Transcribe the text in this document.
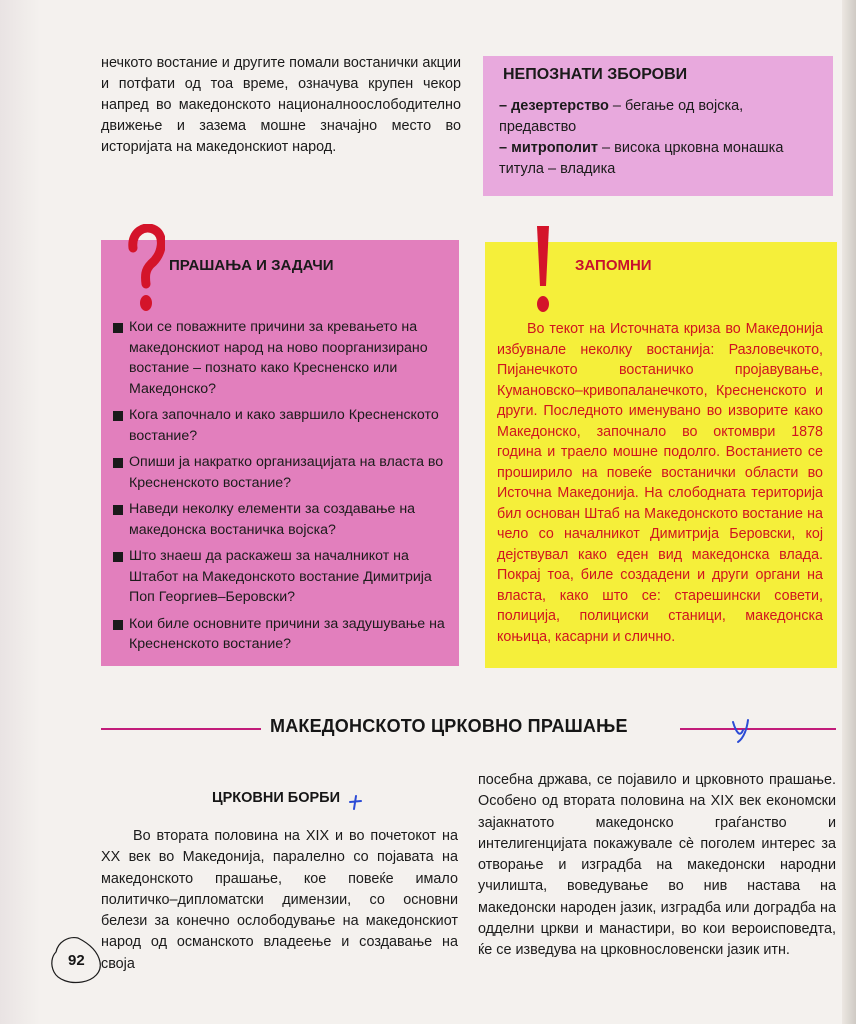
нечкото востание и другите помали востанички акции и потфати од тоа време, означува крупен чекор напред во македонското националноослободително движење и зазема мошне значајно место во историјата на македонскиот народ.

НЕПОЗНАТИ ЗБОРОВИ
– дезертерство – бегање од војска, предавство
– митрополит – висока црковна монашка титула – владика
ПРАШАЊА И ЗАДАЧИ
Кои се поважните причини за кревањето на македонскиот народ на ново поорганизирано востание – познато како Кресненско или Македонско?
Кога започнало и како завршило Кресненското востание?
Опиши ја накратко организацијата на власта во Кресненското востание?
Наведи неколку елементи за создавање на македонска востаничка војска?
Што знаеш да раскажеш за началникот на Штабот на Македонското востание Димитрија Поп Георгиев–Беровски?
Кои биле основните причини за задушување на Кресненското востание?
ЗАПОМНИ

Во текот на Источната криза во Македонија избувнале неколку востанија: Разловечкото, Пијанечкото востаничко пројавување, Кумановско–кривопаланечкото, Кресненското и други. Последното именувано во изворите како Македонско, започнало во октомври 1878 година и траело мошне подолго. Востанието се проширило на повеќе востанички области во Источна Македонија. На слободната територија бил основан Штаб на Македонското востание на чело со началникот Димитрија Беровски, кој дејствувал како еден вид македонска влада. Покрај тоа, биле создадени и други органи на власта, како што се: старешински совети, полиција, полициски станици, македонска коњица, касарни и слично.

МАКЕДОНСКОТО ЦРКОВНО ПРАШАЊЕ
ЦРКОВНИ БОРБИ

Во втората половина на XIX и во почетокот на XX век во Македонија, паралелно со појавата на македонското прашање, кое повеќе имало политичко–дипломатски димензии, со основни белези за конечно ослободување на македонскиот народ од османското владеење и создавање на своја

посебна држава, се појавило и црковното прашање. Особено од втората половина на XIX век економски зајакнатото македонско граѓанство и интелигенцијата покажувале сè поголем интерес за отворање и изградба на македонски народни училишта, воведување во нив настава на македонски народен јазик, изградба или доградба на одделни цркви и манастири, во кои вероисповедта, ќе се изведува на црковнословенски јазик итн.

92
